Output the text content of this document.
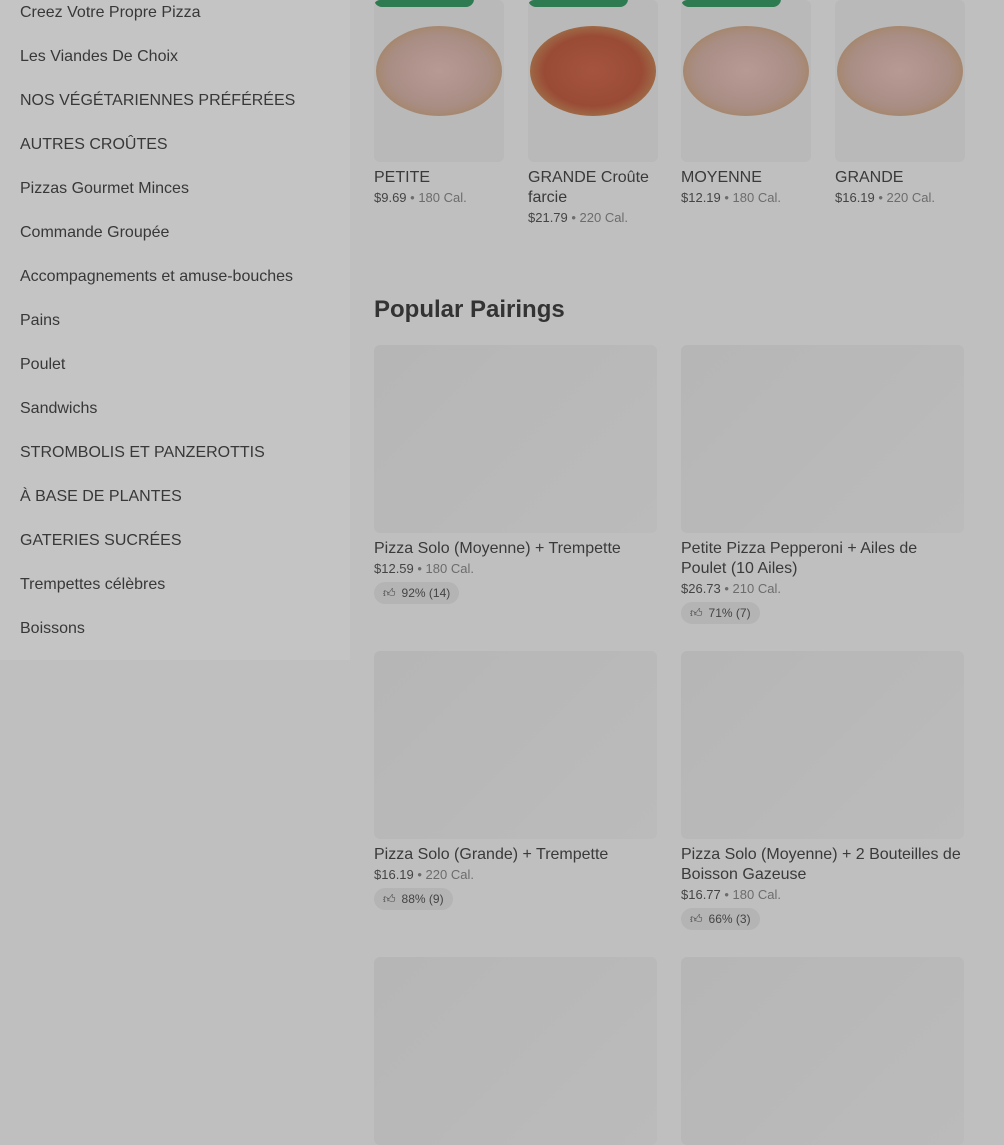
Creez Votre Propre Pizza
Les Viandes De Choix
NOS VÉGÉTARIENNES PRÉFÉRÉES
AUTRES CROÛTES
Pizzas Gourmet Minces
Commande Groupée
Accompagnements et amuse-bouches
Pains
Poulet
Sandwichs
STROMBOLIS ET PANZEROTTIS
À BASE DE PLANTES
GATERIES SUCRÉES
Trempettes célèbres
Boissons
PETITE
$9.69 • 180 Cal.
GRANDE Croûte farcie
$21.79 • 220 Cal.
MOYENNE
$12.19 • 180 Cal.
GRANDE
$16.19 • 220 Cal.
Popular Pairings
Pizza Solo (Moyenne) + Trempette
$12.59 • 180 Cal.
👍︎ 92% (14)
Petite Pizza Pepperoni + Ailes de Poulet (10 Ailes)
$26.73 • 210 Cal.
👍︎ 71% (7)
Pizza Solo (Grande) + Trempette
$16.19 • 220 Cal.
👍︎ 88% (9)
Pizza Solo (Moyenne) + 2 Bouteilles de Boisson Gazeuse
$16.77 • 180 Cal.
👍︎ 66% (3)
